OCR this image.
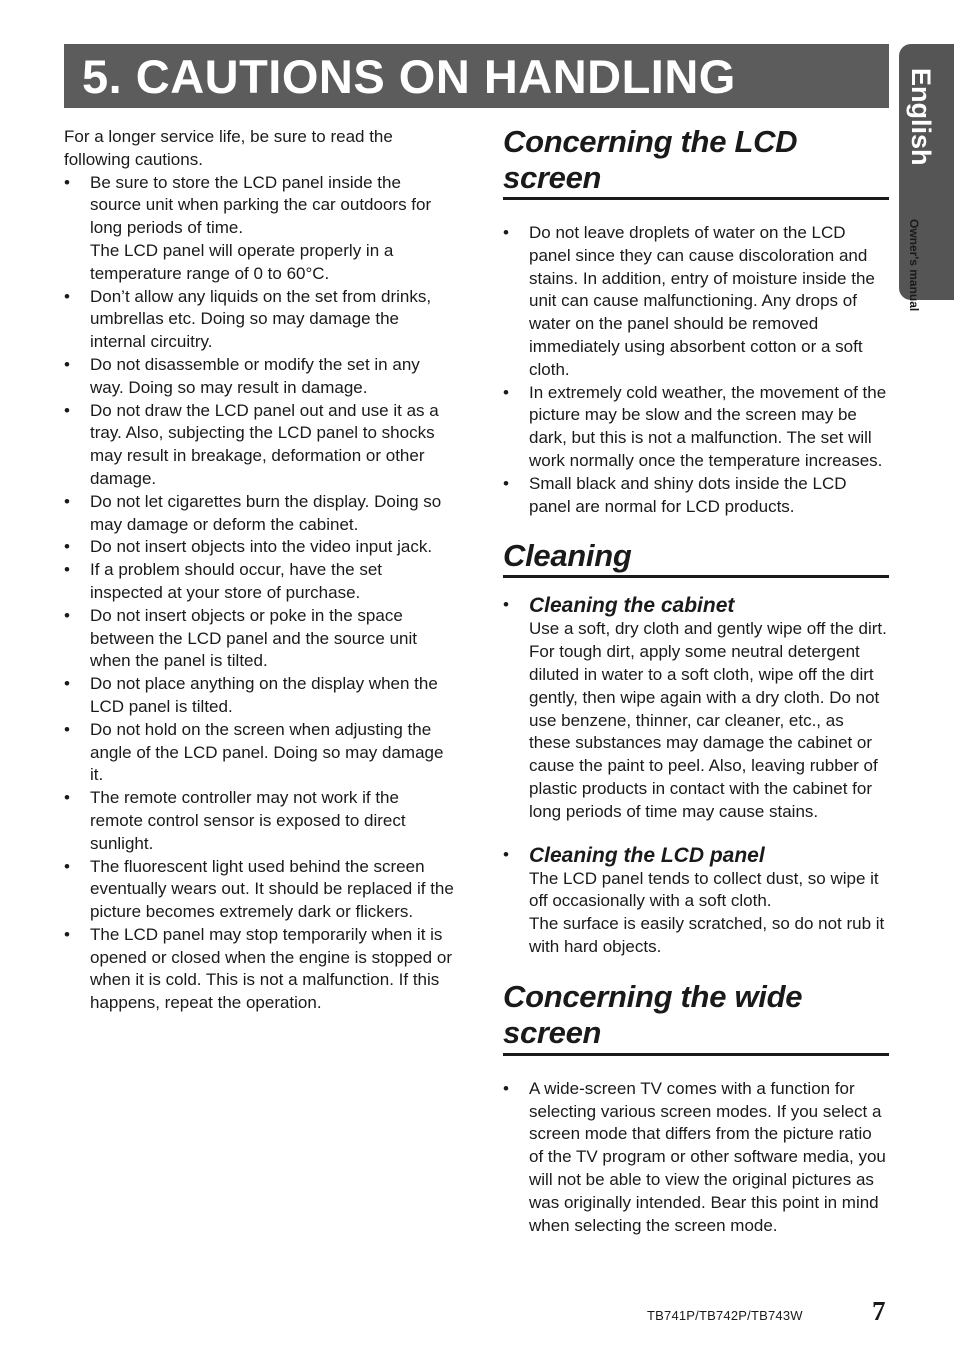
5. CAUTIONS ON HANDLING	English
Owner's manual

For a longer service life, be sure to read the following cautions.

• Be sure to store the LCD panel inside the source unit when parking the car outdoors for long periods of time.
The LCD panel will operate properly in a temperature range of 0 to 60°C.
• Don’t allow any liquids on the set from drinks, umbrellas etc. Doing so may damage the internal circuitry.
• Do not disassemble or modify the set in any way. Doing so may result in damage.
• Do not draw the LCD panel out and use it as a tray. Also, subjecting the LCD panel to shocks may result in breakage, deformation or other damage.
• Do not let cigarettes burn the display. Doing so may damage or deform the cabinet.
• Do not insert objects into the video input jack.
• If a problem should occur, have the set inspected at your store of purchase.
• Do not insert objects or poke in the space between the LCD panel and the source unit when the panel is tilted.
• Do not place anything on the display when the LCD panel is tilted.
• Do not hold on the screen when adjusting the angle of the LCD panel. Doing so may damage it.
• The remote controller may not work if the remote control sensor is exposed to direct sunlight.
• The fluorescent light used behind the screen eventually wears out. It should be replaced if the picture becomes extremely dark or flickers.
• The LCD panel may stop temporarily when it is opened or closed when the engine is stopped or when it is cold. This is not a malfunction. If this happens, repeat the operation.
Concerning the LCD screen
• Do not leave droplets of water on the LCD panel since they can cause discoloration and stains. In addition, entry of moisture inside the unit can cause malfunctioning. Any drops of water on the panel should be removed immediately using absorbent cotton or a soft cloth.
• In extremely cold weather, the movement of the picture may be slow and the screen may be dark, but this is not a malfunction. The set will work normally once the temperature increases.
• Small black and shiny dots inside the LCD panel are normal for LCD products.
Cleaning
• Cleaning the cabinet

Use a soft, dry cloth and gently wipe off the dirt.

For tough dirt, apply some neutral detergent diluted in water to a soft cloth, wipe off the dirt gently, then wipe again with a dry cloth. Do not use benzene, thinner, car cleaner, etc., as these substances may damage the cabinet or cause the paint to peel. Also, leaving rubber of plastic products in contact with the cabinet for long periods of time may cause stains.

• Cleaning the LCD panel

The LCD panel tends to collect dust, so wipe it off occasionally with a soft cloth.

The surface is easily scratched, so do not rub it with hard objects.

Concerning the wide screen
• A wide-screen TV comes with a function for selecting various screen modes. If you select a screen mode that differs from the picture ratio of the TV program or other software media, you will not be able to view the original pictures as was originally intended. Bear this point in mind when selecting the screen mode.
TB741P/TB742P/TB743W	7
